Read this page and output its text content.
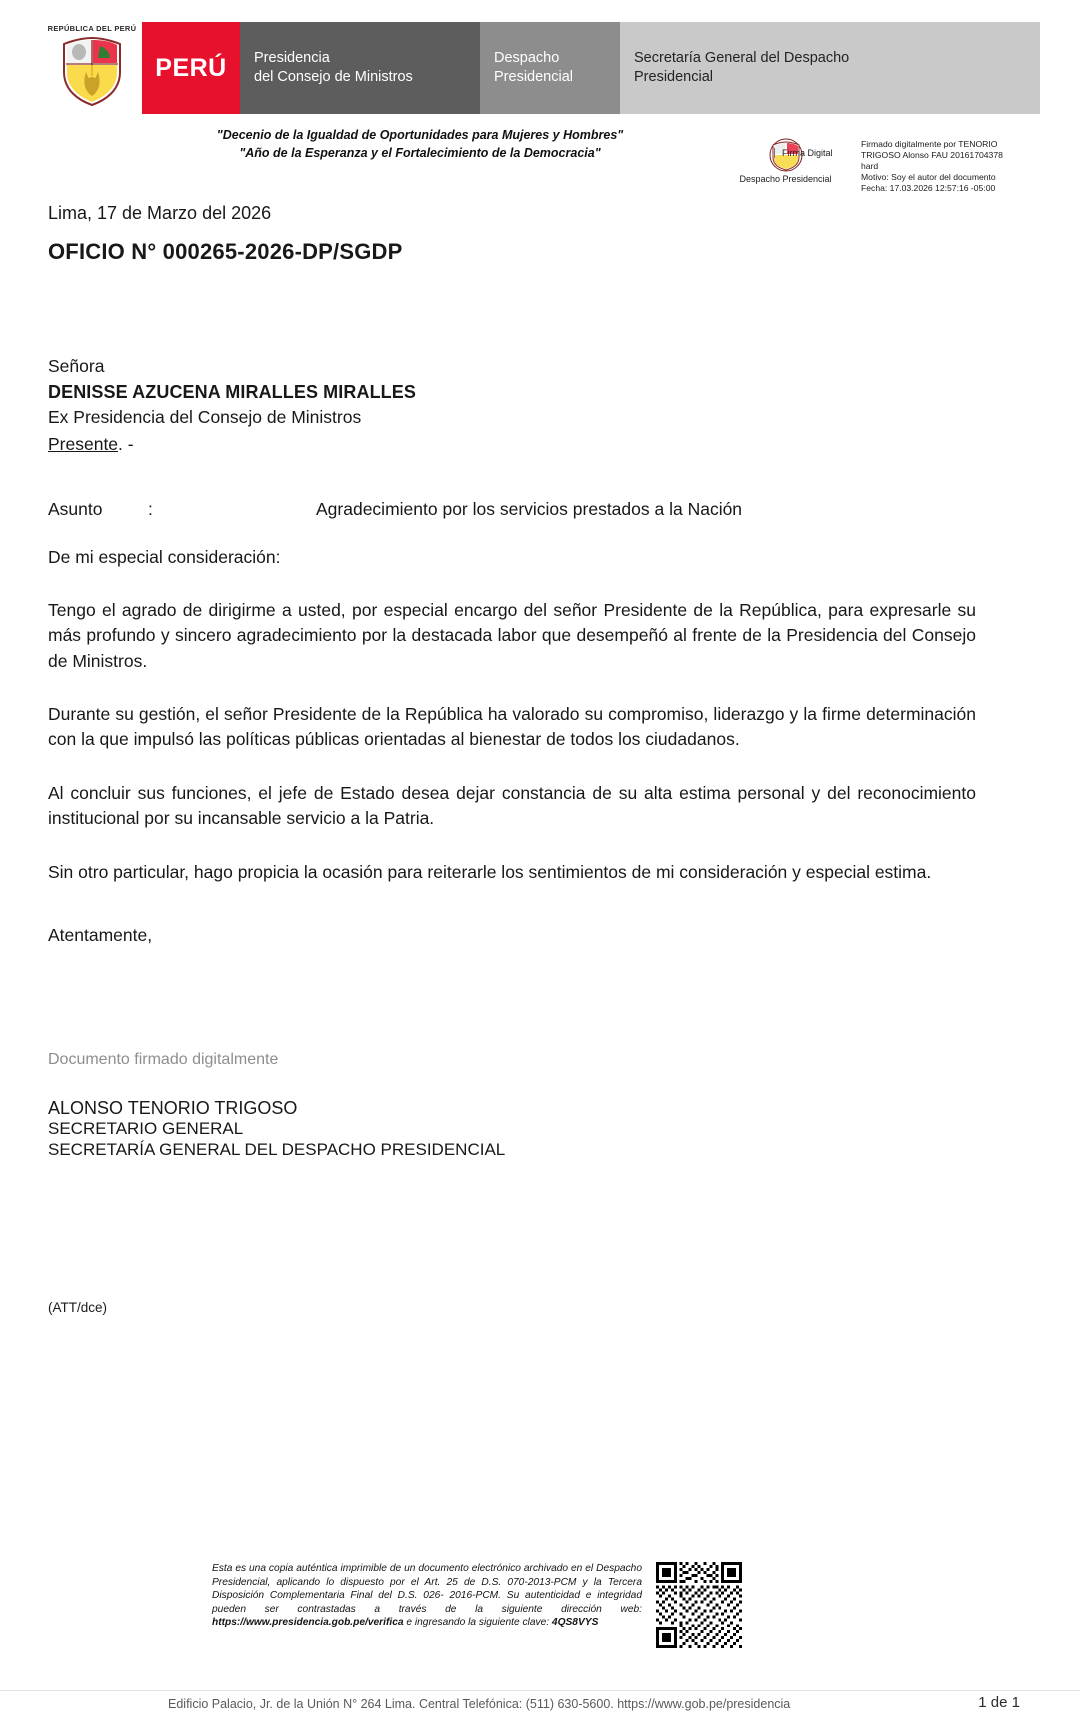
REPÚBLICA DEL PERÚ
PERÚ	Presidencia
del Consejo de Ministros
Despacho
Presidencial
Secretaría General del Despacho
Presidencial
"Decenio de la Igualdad de Oportunidades para Mujeres y Hombres"
"Año de la Esperanza y el Fortalecimiento de la Democracia"	Firma Digital
Despacho Presidencial
Firmado digitalmente por TENORIO
TRIGOSO Alonso FAU 20161704378
hard
Motivo: Soy el autor del documento
Fecha: 17.03.2026 12:57:16 -05:00

Lima, 17 de Marzo del 2026

OFICIO N° 000265-2026-DP/SGDP

Señora
DENISSE AZUCENA MIRALLES MIRALLES
Ex Presidencia del Consejo de Ministros
Presente. -
Asunto	:	Agradecimiento por los servicios prestados a la Nación

De mi especial consideración:

Tengo el agrado de dirigirme a usted, por especial encargo del señor Presidente de la República, para expresarle su más profundo y sincero agradecimiento por la destacada labor que desempeñó al frente de la Presidencia del Consejo de Ministros.

Durante su gestión, el señor Presidente de la República ha valorado su compromiso, liderazgo y la firme determinación con la que impulsó las políticas públicas orientadas al bienestar de todos los ciudadanos.

Al concluir sus funciones, el jefe de Estado desea dejar constancia de su alta estima personal y del reconocimiento institucional por su incansable servicio a la Patria.

Sin otro particular, hago propicia la ocasión para reiterarle los sentimientos de mi consideración y especial estima.

Atentamente,

Documento firmado digitalmente
ALONSO TENORIO TRIGOSO
SECRETARIO GENERAL
SECRETARÍA GENERAL DEL DESPACHO PRESIDENCIAL
(ATT/dce)
Esta es una copia auténtica imprimible de un documento electrónico archivado en el Despacho Presidencial, aplicando lo dispuesto por el Art. 25 de D.S. 070-2013-PCM y la Tercera Disposición Complementaria Final del D.S. 026- 2016-PCM. Su autenticidad e integridad pueden ser contrastadas a través de la siguiente dirección web: https://www.presidencia.gob.pe/verifica e ingresando la siguiente clave: 4QS8VYS
Edificio Palacio, Jr. de la Unión N° 264 Lima. Central Telefónica: (511) 630-5600. https://www.gob.pe/presidencia	1 de 1
